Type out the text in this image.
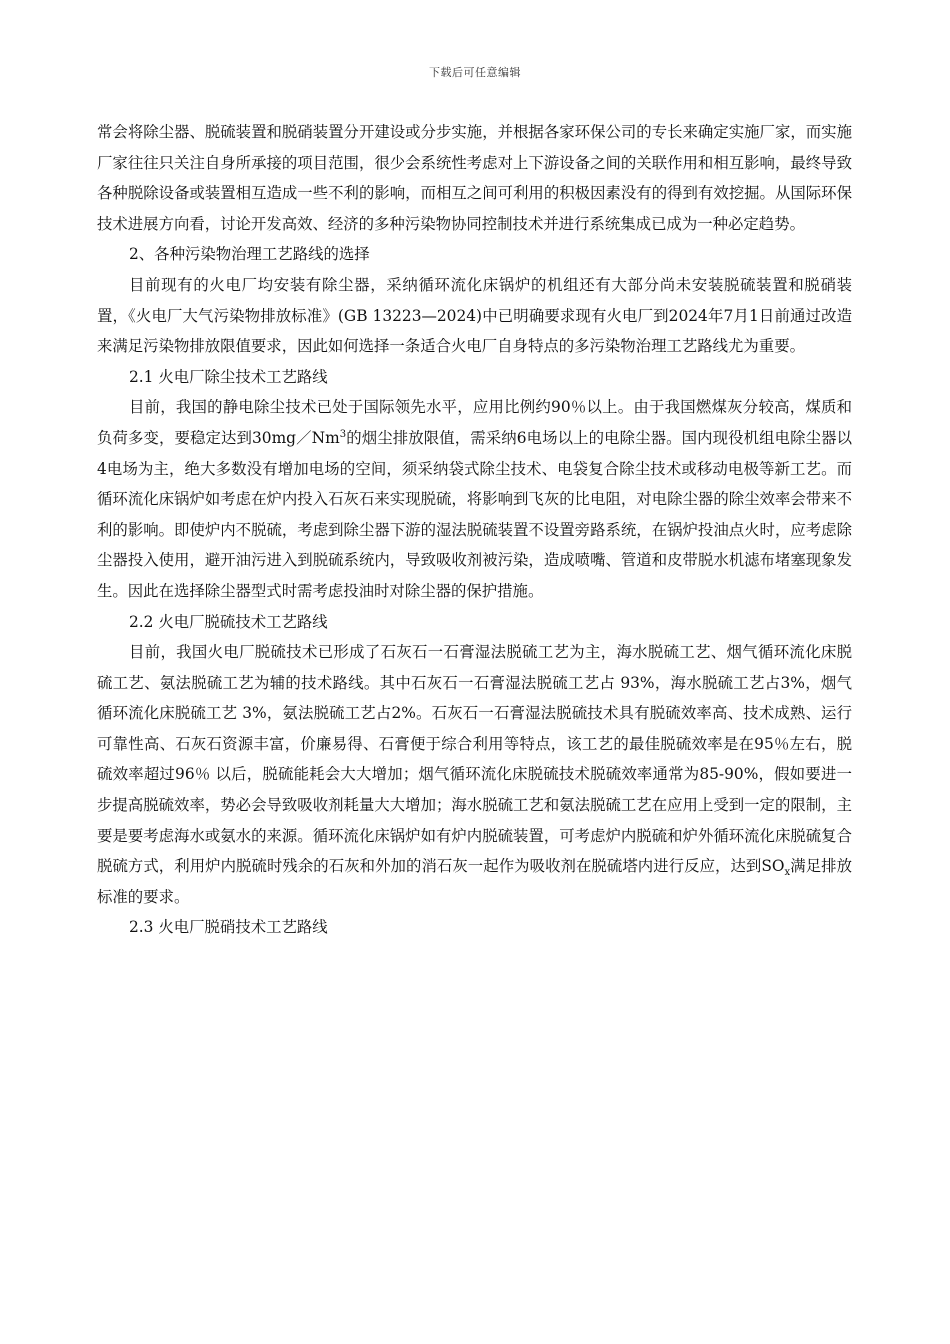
下载后可任意编辑

常会将除尘器、脱硫装置和脱硝装置分开建设或分步实施，并根据各家环保公司的专长来确定实施厂家，而实施厂家往往只关注自身所承接的项目范围，很少会系统性考虑对上下游设备之间的关联作用和相互影响，最终导致各种脱除设备或装置相互造成一些不利的影响，而相互之间可利用的积极因素没有的得到有效挖掘。从国际环保技术进展方向看，讨论开发高效、经济的多种污染物协同控制技术并进行系统集成已成为一种必定趋势。

2、各种污染物治理工艺路线的选择

目前现有的火电厂均安装有除尘器，采纳循环流化床锅炉的机组还有大部分尚未安装脱硫装置和脱硝装置，《火电厂大气污染物排放标准》(GB 13223—2024)中已明确要求现有火电厂到2024年7月1日前通过改造来满足污染物排放限值要求，因此如何选择一条适合火电厂自身特点的多污染物治理工艺路线尤为重要。

2.1 火电厂除尘技术工艺路线

目前，我国的静电除尘技术已处于国际领先水平，应用比例约90％以上。由于我国燃煤灰分较高，煤质和负荷多变，要稳定达到30mg／Nm$^3$的烟尘排放限值，需采纳6电场以上的电除尘器。国内现役机组电除尘器以4电场为主，绝大多数没有增加电场的空间，须采纳袋式除尘技术、电袋复合除尘技术或移动电极等新工艺。而循环流化床锅炉如考虑在炉内投入石灰石来实现脱硫，将影响到飞灰的比电阻，对电除尘器的除尘效率会带来不利的影响。即使炉内不脱硫，考虑到除尘器下游的湿法脱硫装置不设置旁路系统，在锅炉投油点火时，应考虑除尘器投入使用，避开油污进入到脱硫系统内，导致吸收剂被污染，造成喷嘴、管道和皮带脱水机滤布堵塞现象发生。因此在选择除尘器型式时需考虑投油时对除尘器的保护措施。

2.2 火电厂脱硫技术工艺路线

目前，我国火电厂脱硫技术已形成了石灰石一石膏湿法脱硫工艺为主，海水脱硫工艺、烟气循环流化床脱硫工艺、氨法脱硫工艺为辅的技术路线。其中石灰石一石膏湿法脱硫工艺占 93%，海水脱硫工艺占3%，烟气循环流化床脱硫工艺 3%，氨法脱硫工艺占2%。石灰石一石膏湿法脱硫技术具有脱硫效率高、技术成熟、运行可靠性高、石灰石资源丰富，价廉易得、石膏便于综合利用等特点，该工艺的最佳脱硫效率是在95％左右，脱硫效率超过96％ 以后，脱硫能耗会大大增加；烟气循环流化床脱硫技术脱硫效率通常为85-90%，假如要进一步提高脱硫效率，势必会导致吸收剂耗量大大增加；海水脱硫工艺和氨法脱硫工艺在应用上受到一定的限制，主要是要考虑海水或氨水的来源。循环流化床锅炉如有炉内脱硫装置，可考虑炉内脱硫和炉外循环流化床脱硫复合脱硫方式，利用炉内脱硫时残余的石灰和外加的消石灰一起作为吸收剂在脱硫塔内进行反应，达到$SO_x$满足排放标准的要求。

2.3 火电厂脱硝技术工艺路线
